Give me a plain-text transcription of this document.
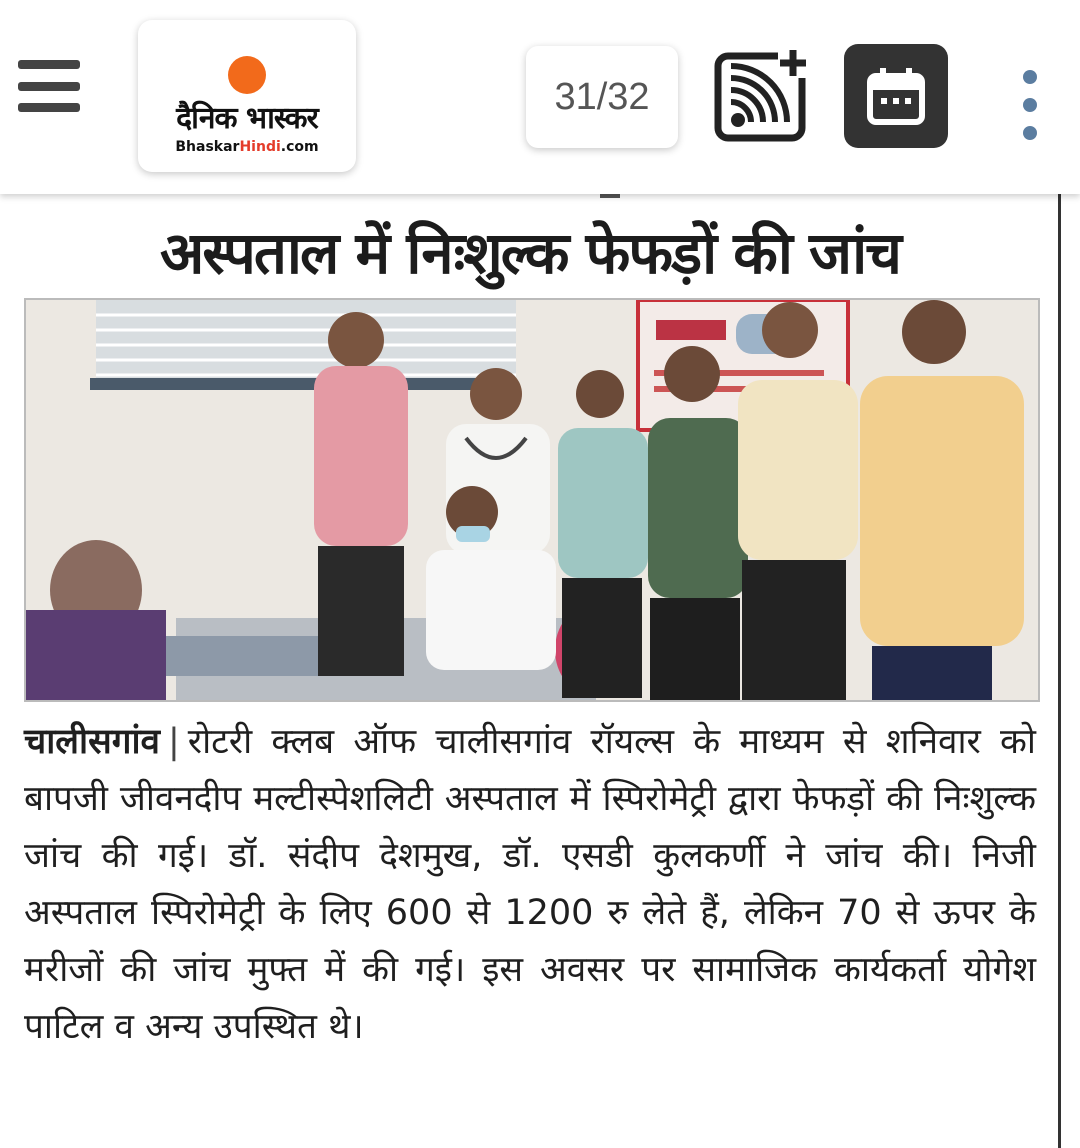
दैनिक भास्कर
BhaskarHindi.com
31/32
अस्पताल में निःशुल्क फेफड़ों की जांच
चालीसगांव | रोटरी क्लब ऑफ चालीसगांव रॉयल्स के माध्यम से शनिवार को बापजी जीवनदीप मल्टीस्पेशलिटी अस्पताल में स्पिरोमेट्री द्वारा फेफड़ों की निःशुल्क जांच की गई। डॉ. संदीप देशमुख, डॉ. एसडी कुलकर्णी ने जांच की। निजी अस्पताल स्पिरोमेट्री के लिए 600 से 1200 रु लेते हैं, लेकिन 70 से ऊपर के मरीजों की जांच मुफ्त में की गई। इस अवसर पर सामाजिक कार्यकर्ता योगेश पाटिल व अन्य उपस्थित थे।
